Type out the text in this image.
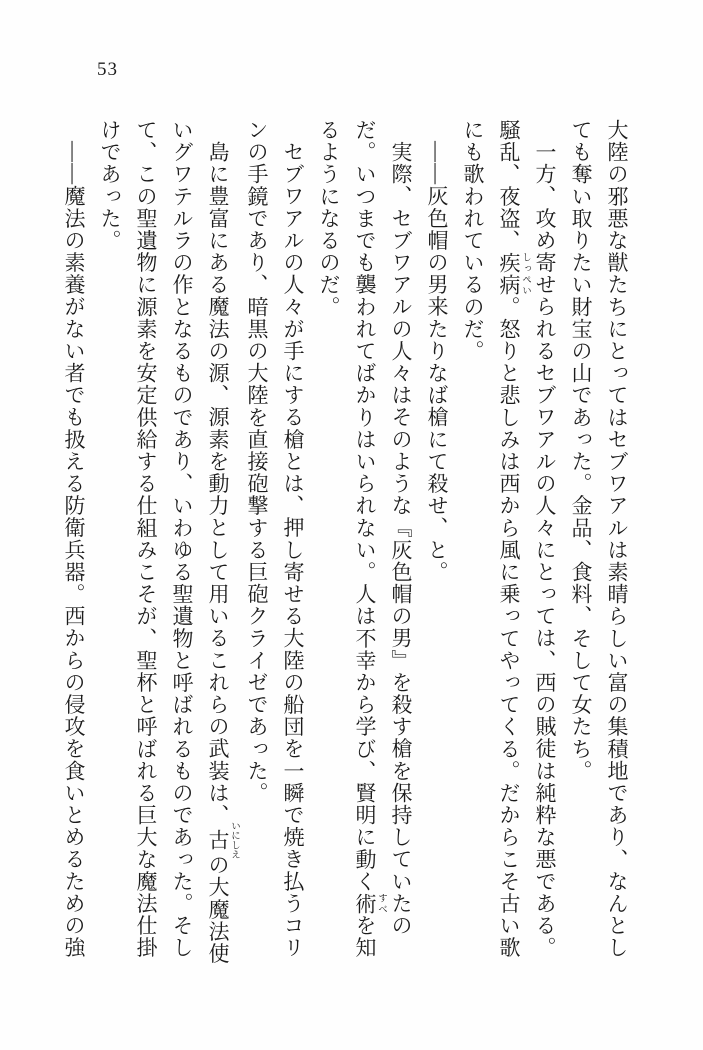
53

大陸の邪悪な獣たちにとってはセブワアルは素晴らしい富の集積地であり、なんとしても奪い取りたい財宝の山であった。金品、食料、そして女たち。

一方、攻め寄せられるセブワアルの人々にとっては、西の賊徒は純粋な悪である。騒乱、夜盗、疾病 しっぺい。怒りと悲しみは西から風に乗ってやってくる。だからこそ古い歌にも歌われているのだ。

――灰色帽の男来たりなば槍にて殺せ、と。

実際、セブワアルの人々はそのような『灰色帽の男』を殺す槍を保持していたのだ。いつまでも襲われてばかりはいられない。人は不幸から学び、賢明に動く術 すべを知るようになるのだ。

セブワアルの人々が手にする槍とは、押し寄せる大陸の船団を一瞬で焼き払うコリンの手鏡であり、暗黒の大陸を直接砲撃する巨砲クライゼであった。

島に豊富にある魔法の源、源素を動力として用いるこれらの武装は、古 いにしえの大魔法使いグワテルラの作となるものであり、いわゆる聖遺物と呼ばれるものであった。そして、この聖遺物に源素を安定供給する仕組みこそが、聖杯と呼ばれる巨大な魔法仕掛けであった。

――魔法の素養がない者でも扱える防衛兵器。西からの侵攻を食いとめるための強
